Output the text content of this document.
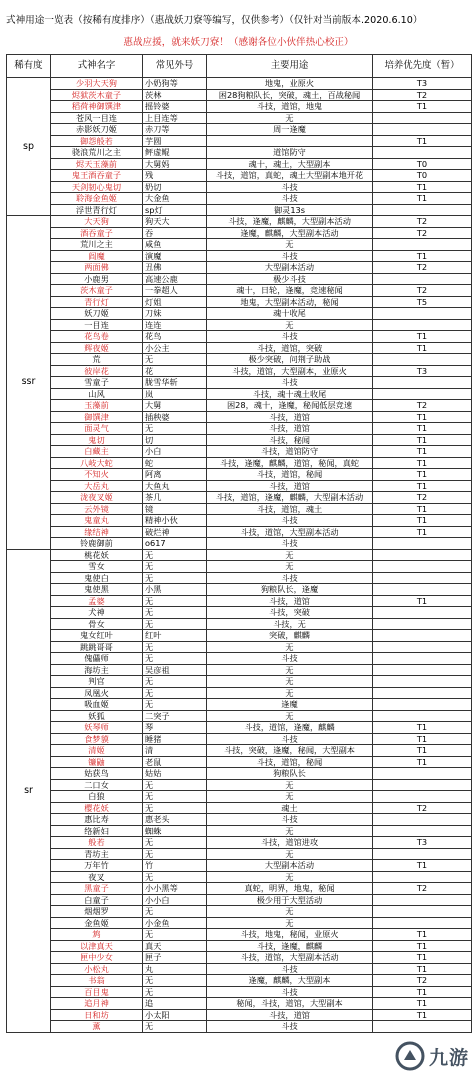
式神用途一览表（按稀有度排序）（惠战妖刀寮等编写，仅供参考）（仅针对当前版本.2020.6.10）
惠战应援，就来妖刀寮！（感谢各位小伙伴热心校正）
稀有度	式神名字	常见外号	主要用途	培养优先度（暂）
sp	少羽大天狗	小奶狗等	地鬼，业原火	T3
	烬狱茨木童子	茨林	困28狗粮队长，突破，魂土，百战秘闻	T2
	稻荷神御馔津	摇铃婆	斗技，道馆，地鬼	T1
	苍风一目连	上目连等	无	
	赤影妖刀姬	赤刀等	周一逢魔	
	御怨般若	芋圆		T1
	骁浪荒川之主	鲆虚鲲	道馆防守	
	烬天玉藻前	大舅妈	魂十，魂土，大型副本	T0
	鬼王酒吞童子	残	斗技，道馆，真蛇，魂土大型副本地开花	T0
	天剑韧心鬼切	奶切	斗技	T1
	聆海金鱼姬	大金鱼	斗技	T1
	浮世青行灯	sp灯	御灵13s	
ssr	大天狗	狗天大	斗技，逢魔，麒麟，大型副本活动	T2
	酒吞童子	吞	逢魔，麒麟，大型副本活动	T2
	荒川之主	咸鱼	无	
	阎魔	演魔	斗技	T1
	两面佛	丑佛	大型副本活动	T2
	小鹿男	高速公鹿	极少斗技	
	茨木童子	一拳超人	魂十，日轮，逢魔，竞速秘闻	T2
	青行灯	灯姐	地鬼，大型副本活动，秘闻	T5
	妖刀姬	刀妹	魂十收尾	
	一目连	连连	无	
	花鸟卷	花鸟	斗技	T1
	辉夜姬	小公主	斗技，道馆，突破	T1
	荒	无	极少突破，问荆子助战	
	彼岸花	花	斗技，道馆，大型副本，业原火	T3
	雪童子	胧雪华斩	斗技	
	山风	岚	斗技，魂十魂土收尾	
	玉藻前	大舅	困28，魂十，逢魔，秘闻低层竞速	T2
	御馔津	插秧婆	斗技，道馆	T1
	面灵气	无	斗技，道馆	T1
	鬼切	切	斗技，秘闻	T1
	白藏主	小白	斗技，道馆防守	T1
	八岐大蛇	蛇	斗技，逢魔，麒麟，道馆，秘闻，真蛇	T1
	不知火	阿离	斗技，道馆，秘闻	T1
	大岳丸	大鱼丸	斗技，道馆	T1
	泷夜叉姬	茶几	斗技，道馆，逢魔，麒麟，大型副本活动	T2
	云外镜	镜	斗技，道馆，魂土	T1
	鬼童丸	精神小伙	斗技	T1
	缘结神	破烂神	斗技，道馆，大型副本活动	T1
	铃鹿御前	o617	斗技	
sr	桃花妖	无	无	
	雪女	无	无	
	鬼使白	无	斗技	
	鬼使黑	小黑	狗粮队长，逢魔	
	孟婆	无	斗技，道馆	T1
	犬神	无	斗技，突破	
	骨女	无	斗技，无	
	鬼女红叶	红叶	突破，麒麟	
	跳跳哥哥	无	无	
	傀儡师	无	斗技	
	海坊主	吴彦祖	无	
	判官	无	无	
	凤凰火	无	无	
	吸血姬	无	逢魔	
	妖狐	二突子	无	
	妖琴师	琴	斗技，道馆，逢魔，麒麟	T1
	食梦貘	睡猪	斗技	T1
	清姬	清	斗技，突破，逢魔，秘闻，大型副本	T1
	镰鼬	老鼠	斗技，道馆，秘闻	T1
	姑获鸟	姑姑	狗粮队长	
	二口女	无	无	
	白狼	无	无	
	樱花妖	无	魂土	T2
	惠比寿	惠老头	斗技	
	络新妇	蜘蛛	无	
	般若	无	斗技，道馆进攻	T3
	青坊主	无	无	
	万年竹	竹	大型副本活动	T1
	夜叉	无	无	
	黑童子	小小黑等	真蛇，明界，地鬼，秘闻	T2
	白童子	小小白	极少用于大型活动	
	烟烟罗	无	无	
	金鱼姬	小金鱼	无	
	鸩	无	斗技，地鬼，秘闻，业原火	T1
	以津真天	真天	斗技，逢魔，麒麟	T1
	匣中少女	匣子	斗技，道馆，大型副本活动	T1
	小松丸	丸	斗技	T1
	书翁	无	逢魔，麒麟，大型副本	T2
	百目鬼	无	斗技	T1
	追月神	追	秘闻，斗技，道馆，大型副本	T1
	日和坊	小太阳	斗技，道馆	T1
	薰	无	斗技	
九游
